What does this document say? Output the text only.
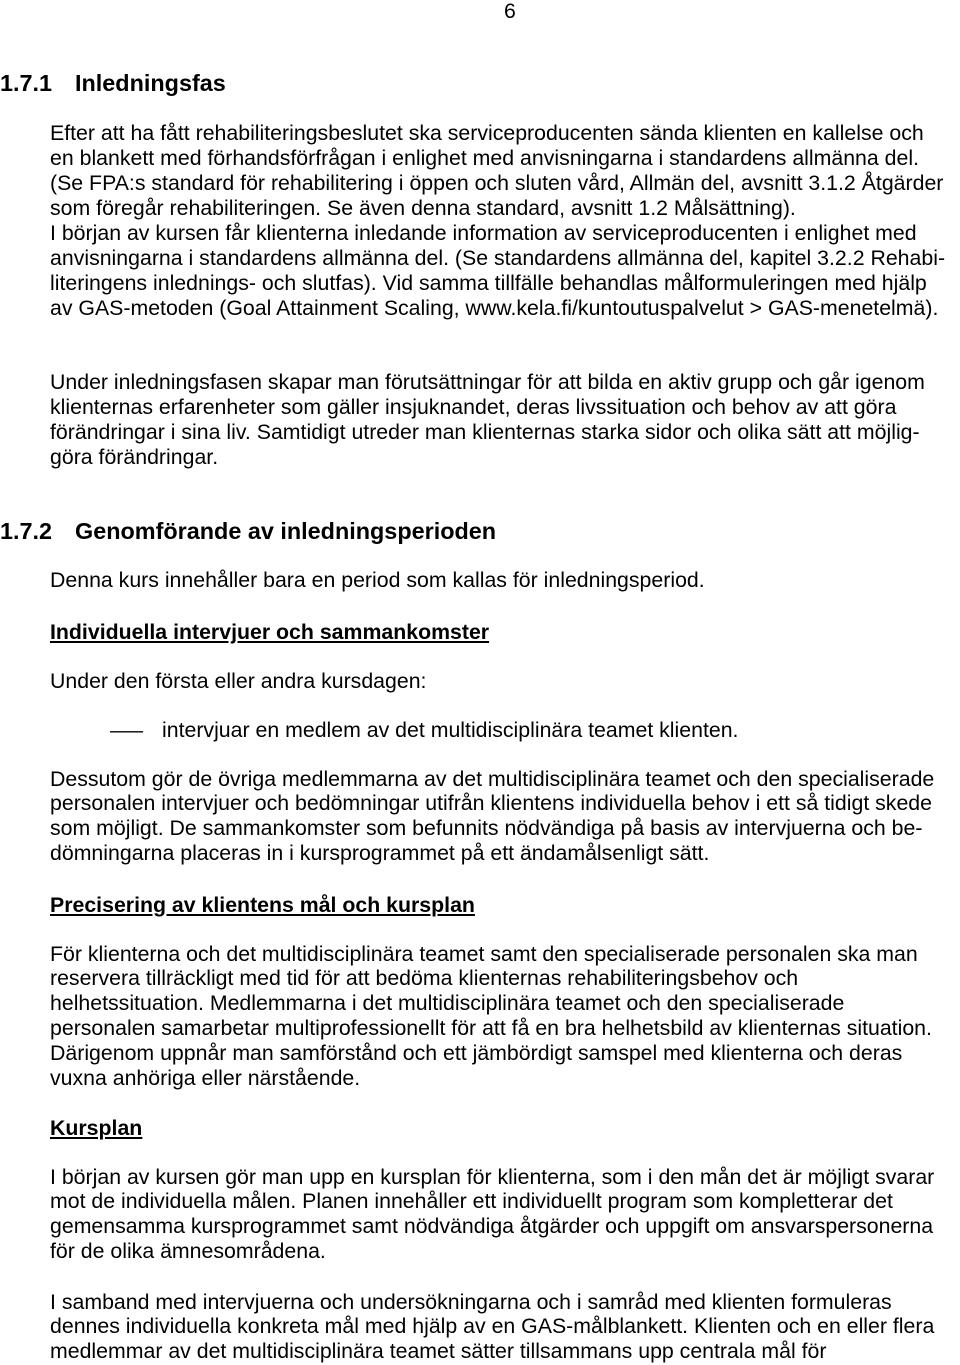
6
1.7.1 Inledningsfas
Efter att ha fått rehabiliteringsbeslutet ska serviceproducenten sända klienten en kallelse och
en blankett med förhandsförfrågan i enlighet med anvisningarna i standardens allmänna del.
(Se FPA:s standard för rehabilitering i öppen och sluten vård, Allmän del, avsnitt 3.1.2 Åtgärder
som föregår rehabiliteringen. Se även denna standard, avsnitt 1.2 Målsättning).
I början av kursen får klienterna inledande information av serviceproducenten i enlighet med
anvisningarna i standardens allmänna del. (Se standardens allmänna del, kapitel 3.2.2 Rehabi-
literingens inlednings- och slutfas). Vid samma tillfälle behandlas målformuleringen med hjälp
av GAS-metoden (Goal Attainment Scaling, www.kela.fi/kuntoutuspalvelut > GAS-menetelmä).
Under inledningsfasen skapar man förutsättningar för att bilda en aktiv grupp och går igenom
klienternas erfarenheter som gäller insjuknandet, deras livssituation och behov av att göra
förändringar i sina liv. Samtidigt utreder man klienternas starka sidor och olika sätt att möjlig-
göra förändringar.
1.7.2 Genomförande av inledningsperioden
Denna kurs innehåller bara en period som kallas för inledningsperiod.
Individuella intervjuer och sammankomster
Under den första eller andra kursdagen:
– intervjuar en medlem av det multidisciplinära teamet klienten.
Dessutom gör de övriga medlemmarna av det multidisciplinära teamet och den specialiserade
personalen intervjuer och bedömningar utifrån klientens individuella behov i ett så tidigt skede
som möjligt. De sammankomster som befunnits nödvändiga på basis av intervjuerna och be-
dömningarna placeras in i kursprogrammet på ett ändamålsenligt sätt.
Precisering av klientens mål och kursplan
För klienterna och det multidisciplinära teamet samt den specialiserade personalen ska man
reservera tillräckligt med tid för att bedöma klienternas rehabiliteringsbehov och
helhetssituation. Medlemmarna i det multidisciplinära teamet och den specialiserade
personalen samarbetar multiprofessionellt för att få en bra helhetsbild av klienternas situation.
Därigenom uppnår man samförstånd och ett jämbördigt samspel med klienterna och deras
vuxna anhöriga eller närstående.
Kursplan
I början av kursen gör man upp en kursplan för klienterna, som i den mån det är möjligt svarar
mot de individuella målen. Planen innehåller ett individuellt program som kompletterar det
gemensamma kursprogrammet samt nödvändiga åtgärder och uppgift om ansvarspersonerna
för de olika ämnesområdena.
I samband med intervjuerna och undersökningarna och i samråd med klienten formuleras
dennes individuella konkreta mål med hjälp av en GAS-målblankett. Klienten och en eller flera
medlemmar av det multidisciplinära teamet sätter tillsammans upp centrala mål för
